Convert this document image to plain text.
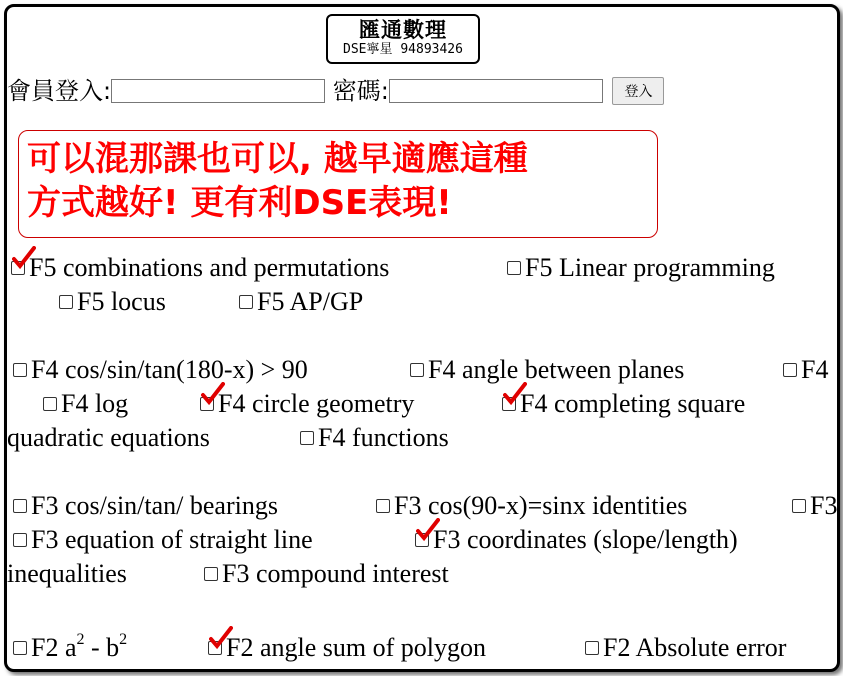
匯通數理
DSE寧星 94893426
會員登入:	密碼:	登入
可以混那課也可以, 越早適應這種
方式越好! 更有利DSE表現!
F5 combinations and permutations	F5 Linear programming
F5 locus	F5 AP/GP
F4 cos/sin/tan(180-x) > 90	F4 angle between planes	F4
F4 log	F4 circle geometry	F4 completing square
quadratic equations	F4 functions
F3 cos/sin/tan/ bearings	F3 cos(90-x)=sinx identities	F3
F3 equation of straight line	F3 coordinates (slope/length)
inequalities	F3 compound interest
F2 $a^2 - b^2$	F2 angle sum of polygon	F2 Absolute error
